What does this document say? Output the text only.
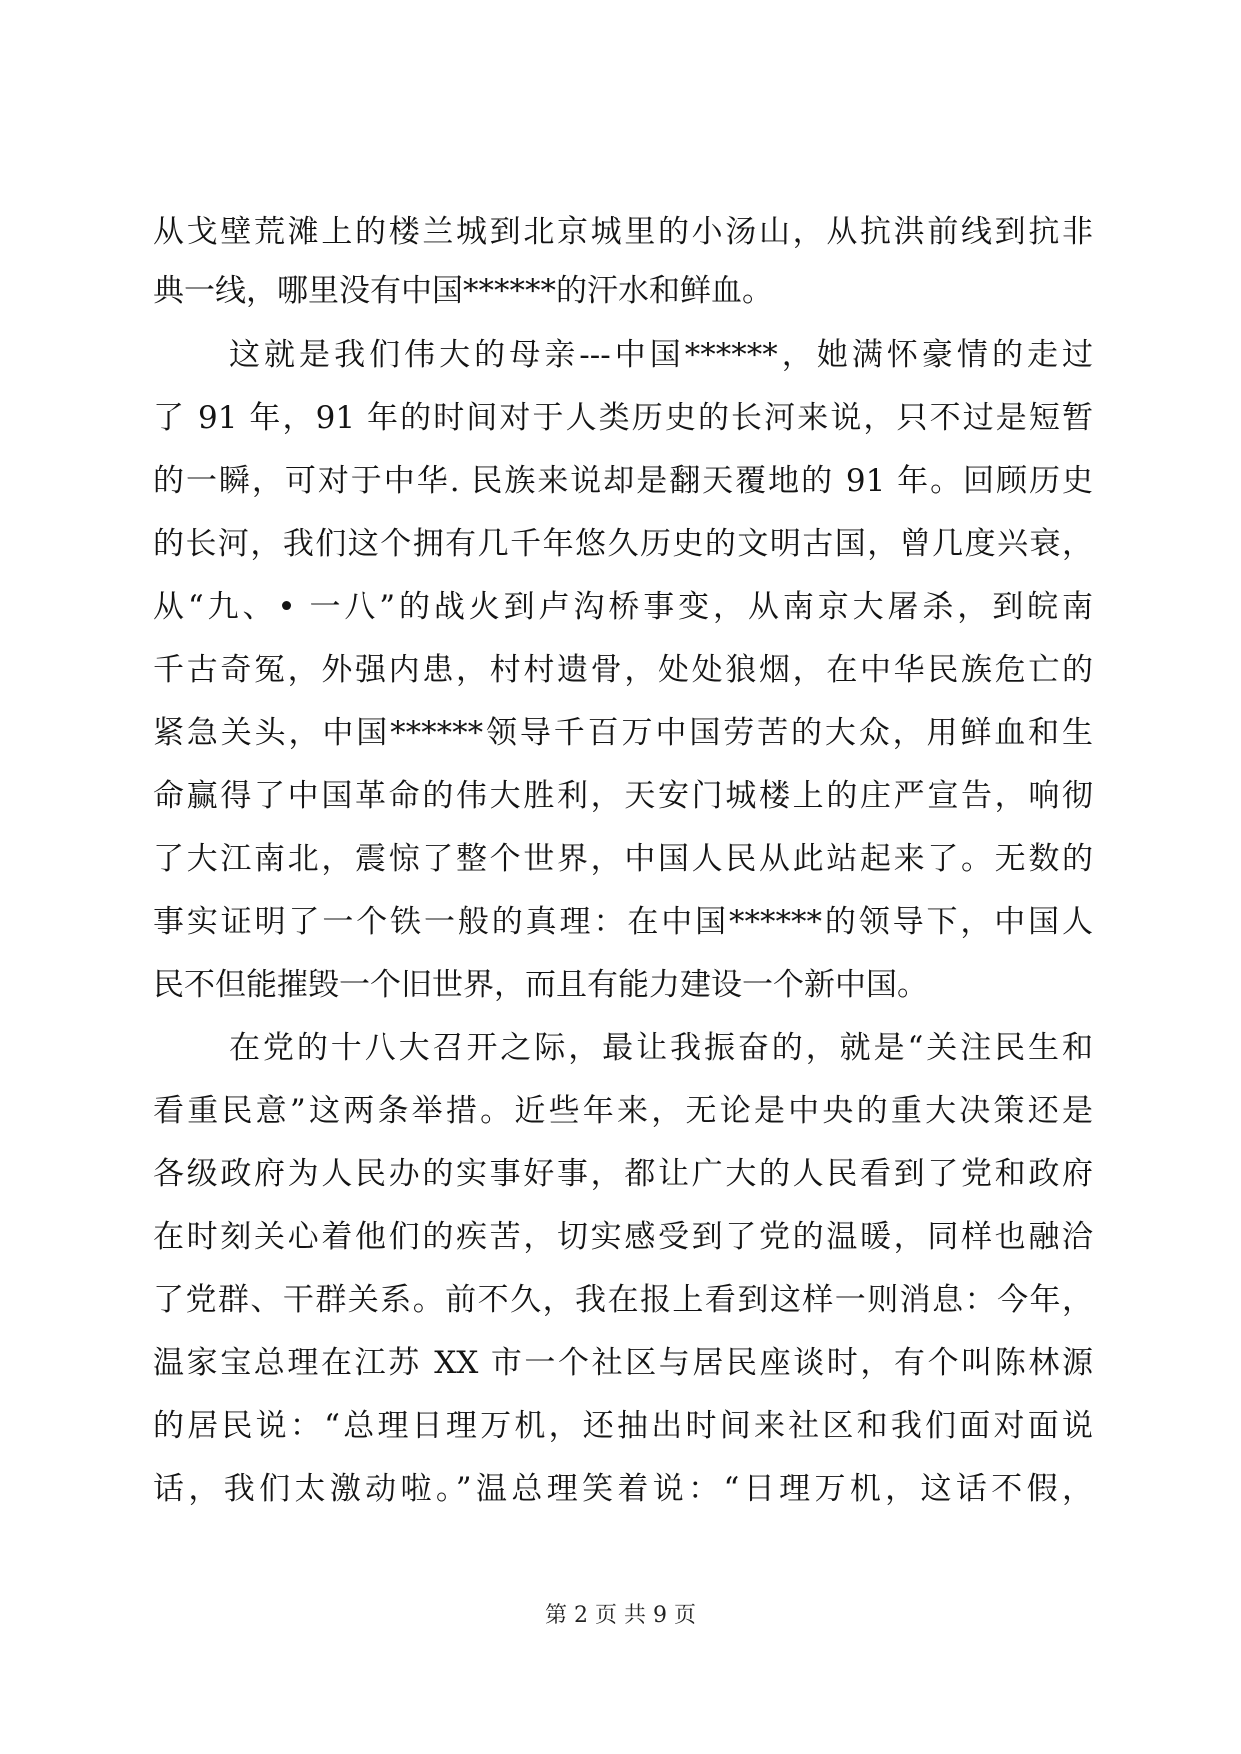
从戈壁荒滩上的楼兰城到北京城里的小汤山，从抗洪前线到抗非
典一线，哪里没有中国******的汗水和鲜血。
这就是我们伟大的母亲---中国******，她满怀豪情的走过
了 91 年，91 年的时间对于人类历史的长河来说，只不过是短暂
的一瞬，可对于中华. 民族来说却是翻天覆地的 91 年。回顾历史
的长河，我们这个拥有几千年悠久历史的文明古国，曾几度兴衰，
从“九、• 一八”的战火到卢沟桥事变，从南京大屠杀，到皖南
千古奇冤，外强内患，村村遗骨，处处狼烟，在中华民族危亡的
紧急关头，中国******领导千百万中国劳苦的大众，用鲜血和生
命赢得了中国革命的伟大胜利，天安门城楼上的庄严宣告，响彻
了大江南北，震惊了整个世界，中国人民从此站起来了。无数的
事实证明了一个铁一般的真理：在中国******的领导下，中国人
民不但能摧毁一个旧世界，而且有能力建设一个新中国。
在党的十八大召开之际，最让我振奋的，就是“关注民生和
看重民意”这两条举措。近些年来，无论是中央的重大决策还是
各级政府为人民办的实事好事，都让广大的人民看到了党和政府
在时刻关心着他们的疾苦，切实感受到了党的温暖，同样也融洽
了党群、干群关系。前不久，我在报上看到这样一则消息：今年，
温家宝总理在江苏 XX 市一个社区与居民座谈时，有个叫陈林源
的居民说：“总理日理万机，还抽出时间来社区和我们面对面说
话，我们太激动啦。”温总理笑着说：“日理万机，这话不假，
第 2 页 共 9 页
